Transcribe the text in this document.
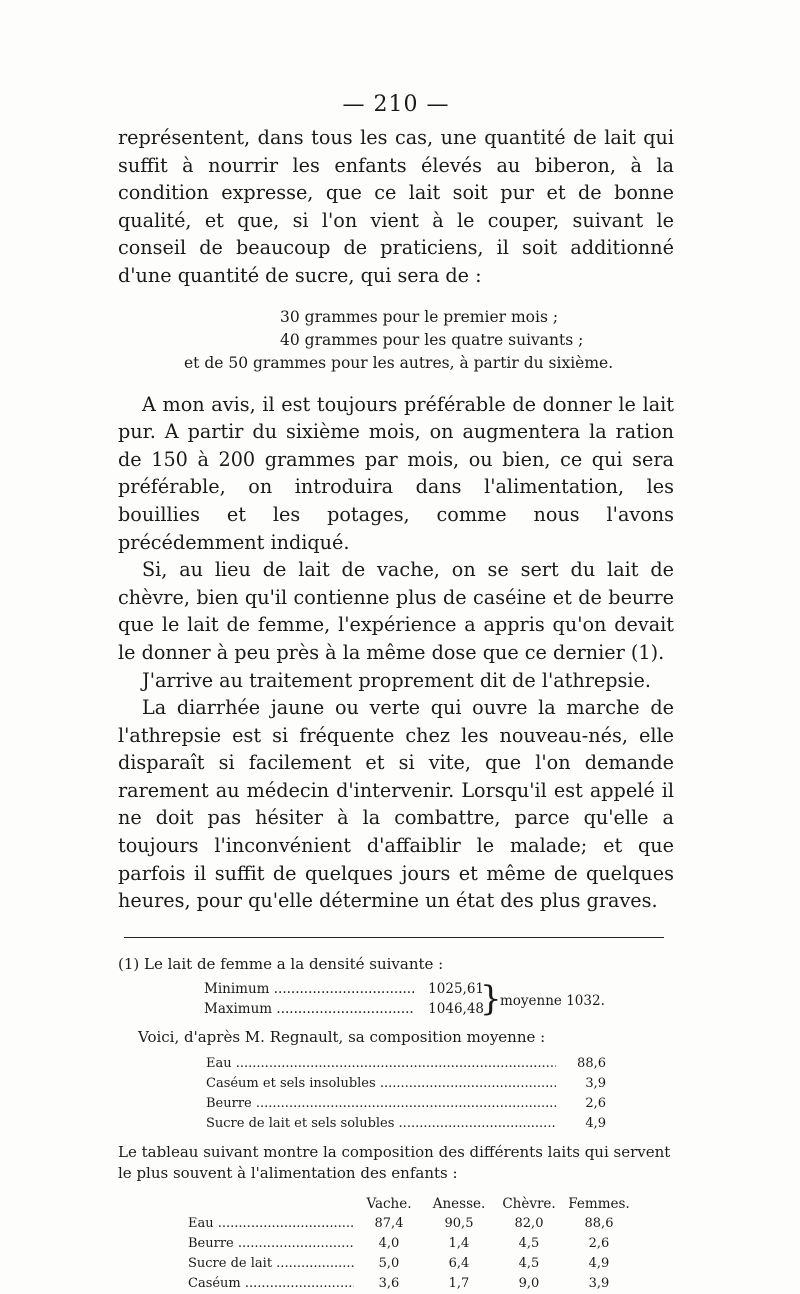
— 210 —

représentent, dans tous les cas, une quantité de lait qui suffit à nourrir les enfants élevés au biberon, à la condition expresse, que ce lait soit pur et de bonne qualité, et que, si l'on vient à le couper, suivant le conseil de beaucoup de praticiens, il soit additionné d'une quantité de sucre, qui sera de :

30 grammes pour le premier mois ;
40 grammes pour les quatre suivants ;
et de 50 grammes pour les autres, à partir du sixième.

A mon avis, il est toujours préférable de donner le lait pur. A partir du sixième mois, on augmentera la ration de 150 à 200 grammes par mois, ou bien, ce qui sera préférable, on introduira dans l'alimentation, les bouillies et les potages, comme nous l'avons précédemment indiqué.

Si, au lieu de lait de vache, on se sert du lait de chèvre, bien qu'il contienne plus de caséine et de beurre que le lait de femme, l'expérience a appris qu'on devait le donner à peu près à la même dose que ce dernier (1).

J'arrive au traitement proprement dit de l'athrepsie.

La diarrhée jaune ou verte qui ouvre la marche de l'athrepsie est si fréquente chez les nouveau-nés, elle disparaît si facilement et si vite, que l'on demande rarement au médecin d'intervenir. Lorsqu'il est appelé il ne doit pas hésiter à la combattre, parce qu'elle a toujours l'inconvénient d'affaiblir le malade; et que parfois il suffit de quelques jours et même de quelques heures, pour qu'elle détermine un état des plus graves.

(1) Le lait de femme a la densité suivante :

Minimum .....	1025,61
Maximum .....	1046,48
}
moyenne 1032.

Voici, d'après M. Regnault, sa composition moyenne :

Eau .....	88,6
Caséum et sels insolubles .....	3,9
Beurre .....	2,6
Sucre de lait et sels solubles .....	4,9

Le tableau suivant montre la composition des différents laits qui servent le plus souvent à l'alimentation des enfants :

Vache.	Anesse.	Chèvre. Femmes.
Eau .....	87,4	90,5	82,0	88,6
Beurre .....	4,0	1,4	4,5	2,6
Sucre de lait .....	5,0	6,4	4,5	4,9
Caséum .....	3,6	1,7	9,0	3,9
